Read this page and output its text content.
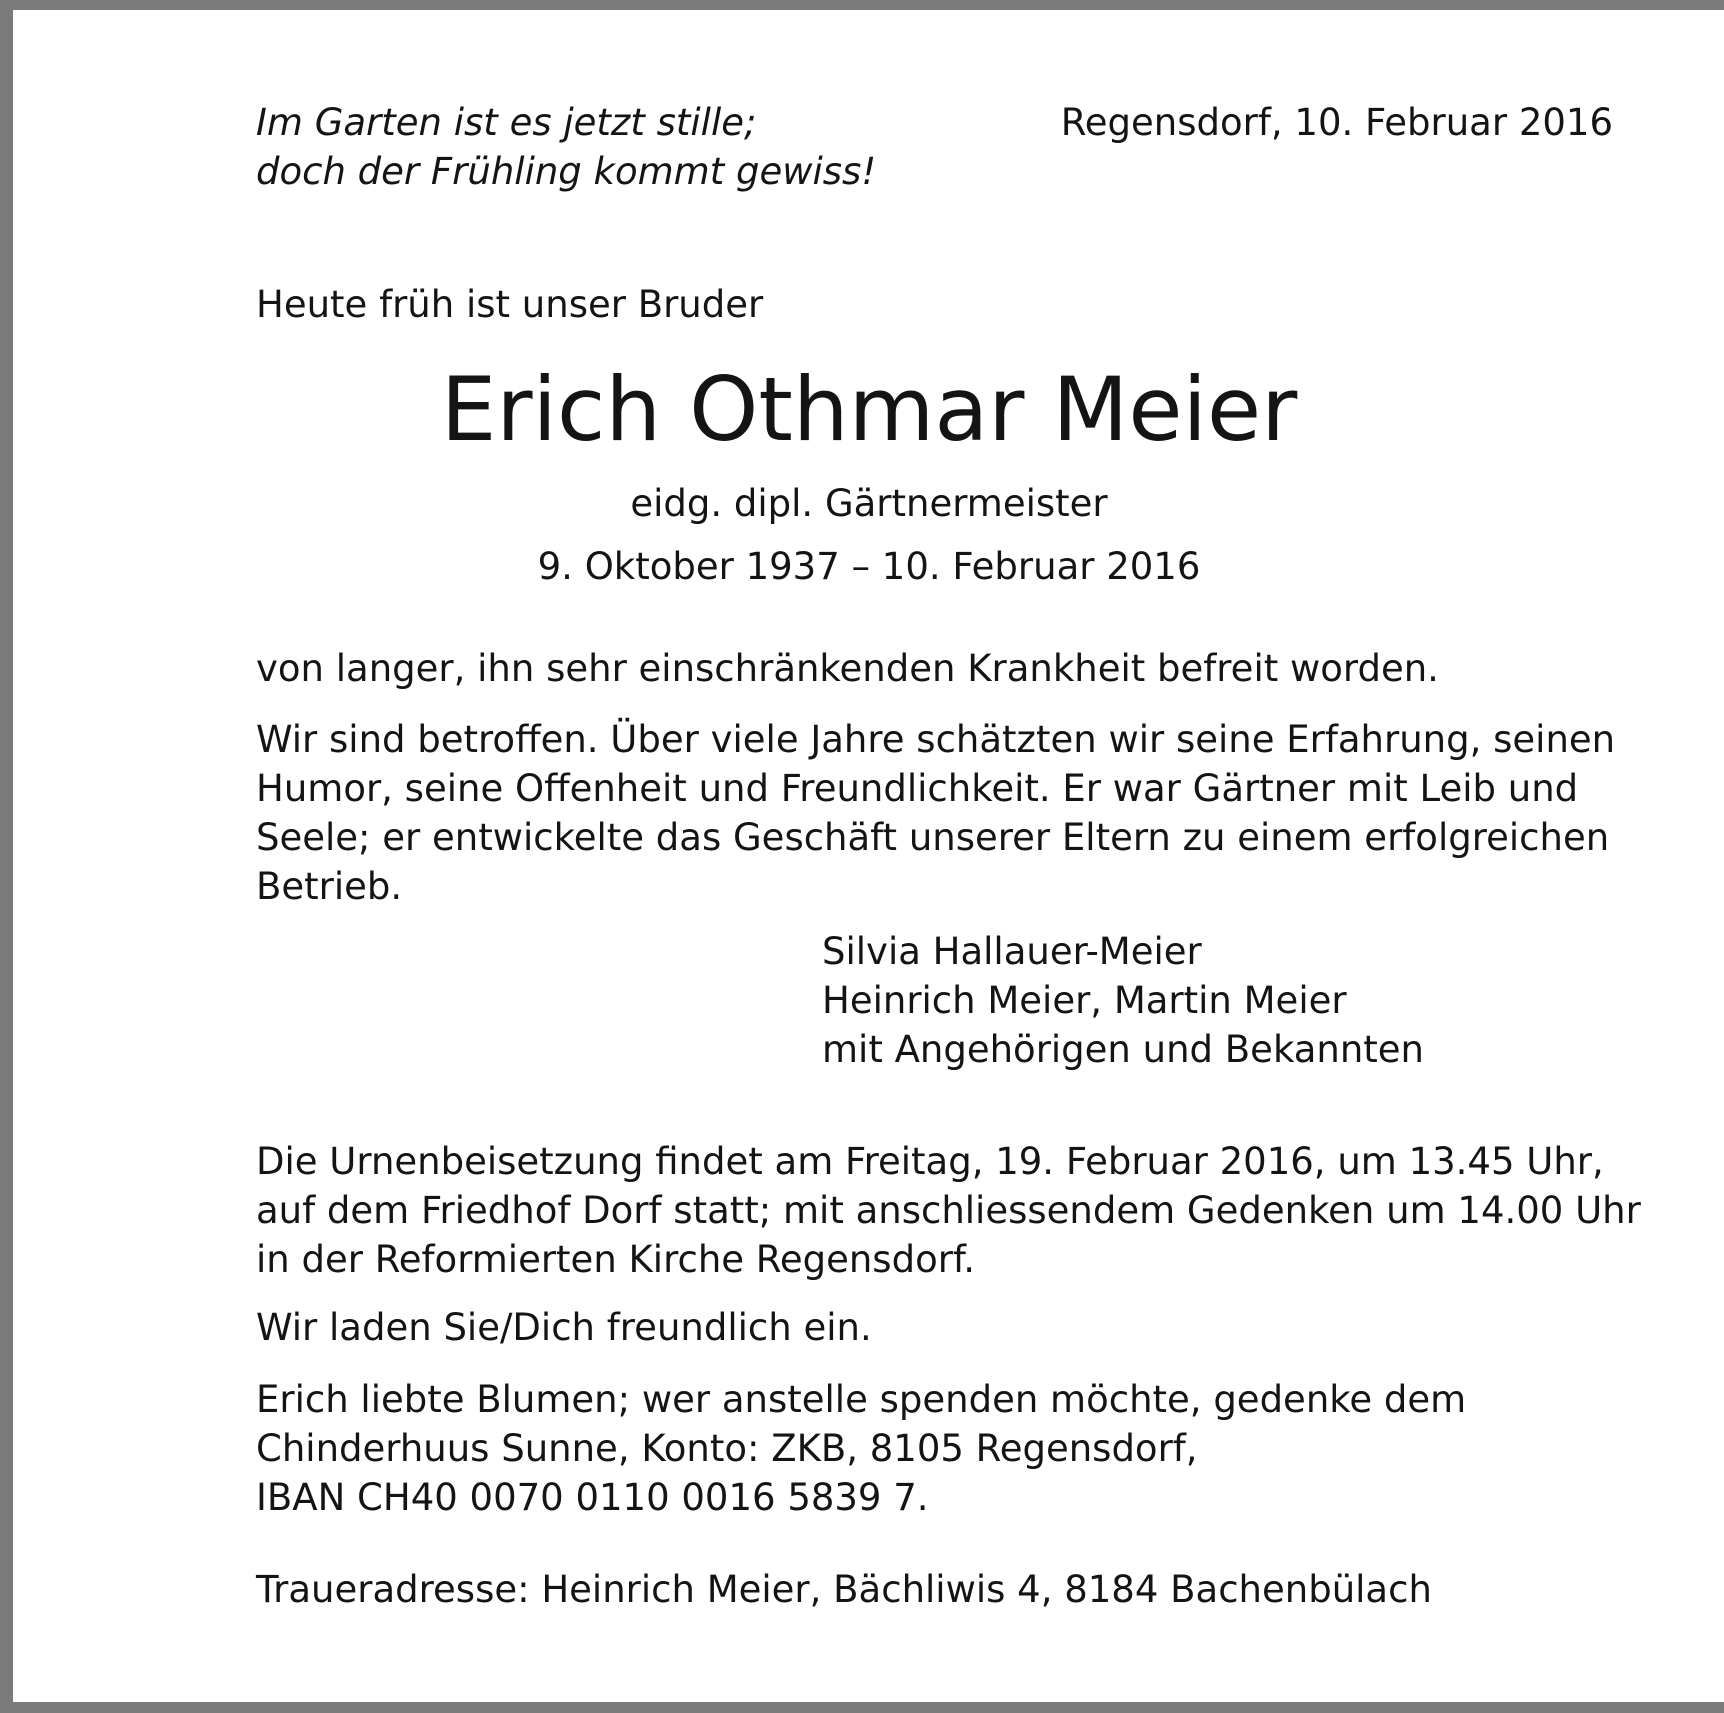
Im Garten ist es jetzt stille;

doch der Frühling kommt gewiss!

Regensdorf, 10. Februar 2016

Heute früh ist unser Bruder

Erich Othmar Meier

eidg. dipl. Gärtnermeister

9. Oktober 1937 – 10. Februar 2016

von langer, ihn sehr einschränkenden Krankheit befreit worden.

Wir sind betroffen. Über viele Jahre schätzten wir seine Erfahrung, seinen

Humor, seine Offenheit und Freundlichkeit. Er war Gärtner mit Leib und

Seele; er entwickelte das Geschäft unserer Eltern zu einem erfolgreichen

Betrieb.

Silvia Hallauer-Meier

Heinrich Meier, Martin Meier

mit Angehörigen und Bekannten

Die Urnenbeisetzung findet am Freitag, 19. Februar 2016, um 13.45 Uhr,

auf dem Friedhof Dorf statt; mit anschliessendem Gedenken um 14.00 Uhr

in der Reformierten Kirche Regensdorf.

Wir laden Sie/Dich freundlich ein.

Erich liebte Blumen; wer anstelle spenden möchte, gedenke dem

Chinderhuus Sunne, Konto: ZKB, 8105 Regensdorf,

IBAN CH40 0070 0110 0016 5839 7.

Traueradresse: Heinrich Meier, Bächliwis 4, 8184 Bachenbülach
